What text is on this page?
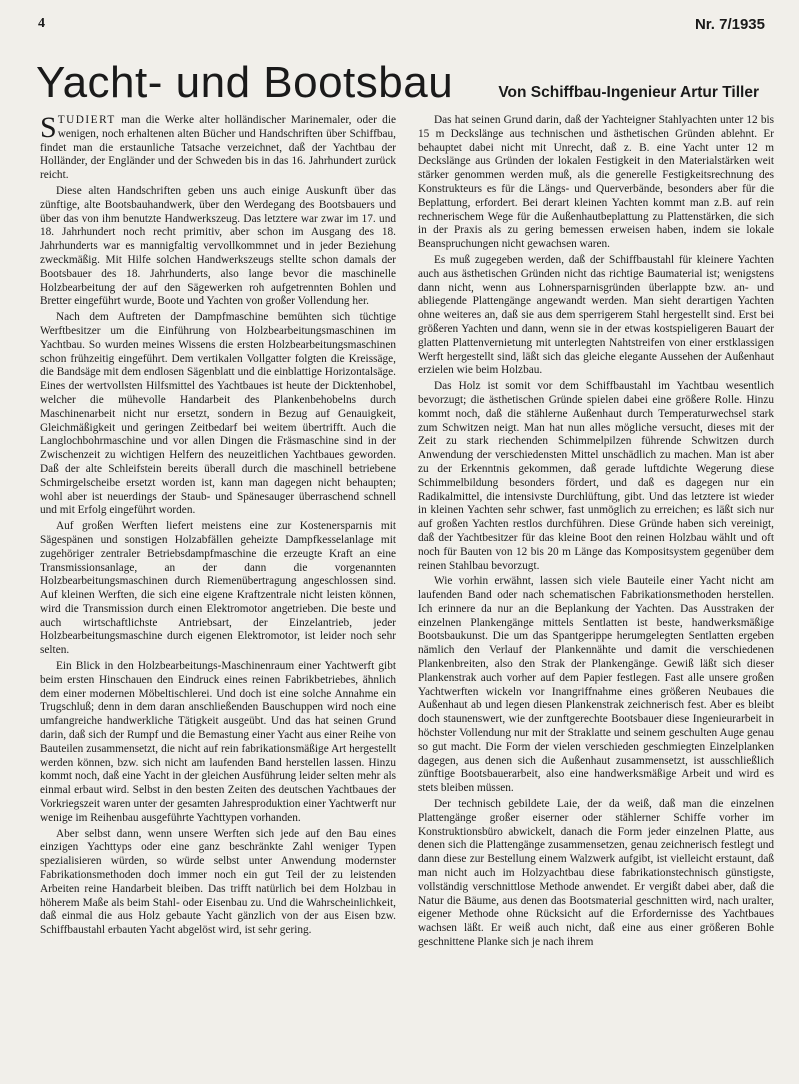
4	Nr. 7/1935
Yacht- und Bootsbau	Von Schiffbau-Ingenieur Artur Tiller

STUDIERT man die Werke alter holländischer Marinemaler, oder die wenigen, noch erhaltenen alten Bücher und Handschriften über Schiffbau, findet man die erstaunliche Tatsache verzeichnet, daß der Yachtbau der Holländer, der Engländer und der Schweden bis in das 16. Jahrhundert zurück reicht.

Diese alten Handschriften geben uns auch einige Auskunft über das zünftige, alte Bootsbauhandwerk, über den Werdegang des Bootsbauers und über das von ihm benutzte Handwerkszeug. Das letztere war zwar im 17. und 18. Jahrhundert noch recht primitiv, aber schon im Ausgang des 18. Jahrhunderts war es mannigfaltig vervollkommnet und in jeder Beziehung zweckmäßig. Mit Hilfe solchen Handwerkszeugs stellte schon damals der Bootsbauer des 18. Jahrhunderts, also lange bevor die maschinelle Holzbearbeitung der auf den Sägewerken roh aufgetrennten Bohlen und Bretter eingeführt wurde, Boote und Yachten von großer Vollendung her.

Nach dem Auftreten der Dampfmaschine bemühten sich tüchtige Werftbesitzer um die Einführung von Holzbearbeitungsmaschinen im Yachtbau. So wurden meines Wissens die ersten Holzbearbeitungsmaschinen schon frühzeitig eingeführt. Dem vertikalen Vollgatter folgten die Kreissäge, die Bandsäge mit dem endlosen Sägenblatt und die einblattige Horizontalsäge. Eines der wertvollsten Hilfsmittel des Yachtbaues ist heute der Dicktenhobel, welcher die mühevolle Handarbeit des Plankenbehobelns durch Maschinenarbeit nicht nur ersetzt, sondern in Bezug auf Genauigkeit, Gleichmäßigkeit und geringen Zeitbedarf bei weitem übertrifft. Auch die Langlochbohrmaschine und vor allen Dingen die Fräsmaschine sind in der Zwischenzeit zu wichtigen Helfern des neuzeitlichen Yachtbaues geworden. Daß der alte Schleifstein bereits überall durch die maschinell betriebene Schmirgelscheibe ersetzt worden ist, kann man dagegen nicht behaupten; wohl aber ist neuerdings der Staub- und Spänesauger überraschend schnell und mit Erfolg eingeführt worden.

Auf großen Werften liefert meistens eine zur Kostenersparnis mit Sägespänen und sonstigen Holzabfällen geheizte Dampfkesselanlage mit zugehöriger zentraler Betriebsdampfmaschine die erzeugte Kraft an eine Transmissionsanlage, an der dann die vorgenannten Holzbearbeitungsmaschinen durch Riemenübertragung angeschlossen sind. Auf kleinen Werften, die sich eine eigene Kraftzentrale nicht leisten können, wird die Transmission durch einen Elektromotor angetrieben. Die beste und auch wirtschaftlichste Antriebsart, der Einzelantrieb, jeder Holzbearbeitungsmaschine durch eigenen Elektromotor, ist leider noch sehr selten.

Ein Blick in den Holzbearbeitungs-Maschinenraum einer Yachtwerft gibt beim ersten Hinschauen den Eindruck eines reinen Fabrikbetriebes, ähnlich dem einer modernen Möbeltischlerei. Und doch ist eine solche Annahme ein Trugschluß; denn in dem daran anschließenden Bauschuppen wird noch eine umfangreiche handwerkliche Tätigkeit ausgeübt. Und das hat seinen Grund darin, daß sich der Rumpf und die Bemastung einer Yacht aus einer Reihe von Bauteilen zusammensetzt, die nicht auf rein fabrikationsmäßige Art hergestellt werden können, bzw. sich nicht am laufenden Band herstellen lassen. Hinzu kommt noch, daß eine Yacht in der gleichen Ausführung leider selten mehr als einmal erbaut wird. Selbst in den besten Zeiten des deutschen Yachtbaues der Vorkriegszeit waren unter der gesamten Jahresproduktion einer Yachtwerft nur wenige im Reihenbau ausgeführte Yachttypen vorhanden.

Aber selbst dann, wenn unsere Werften sich jede auf den Bau eines einzigen Yachttyps oder eine ganz beschränkte Zahl weniger Typen spezialisieren würden, so würde selbst unter Anwendung modernster Fabrikationsmethoden doch immer noch ein gut Teil der zu leistenden Arbeiten reine Handarbeit bleiben. Das trifft natürlich bei dem Holzbau in höherem Maße als beim Stahl- oder Eisenbau zu. Und die Wahrscheinlichkeit, daß einmal die aus Holz gebaute Yacht gänzlich von der aus Eisen bzw. Schiffbaustahl erbauten Yacht abgelöst wird, ist sehr gering.

Das hat seinen Grund darin, daß der Yachteigner Stahlyachten unter 12 bis 15 m Deckslänge aus technischen und ästhetischen Gründen ablehnt. Er behauptet dabei nicht mit Unrecht, daß z. B. eine Yacht unter 12 m Deckslänge aus Gründen der lokalen Festigkeit in den Materialstärken weit stärker genommen werden muß, als die generelle Festigkeitsrechnung des Konstrukteurs es für die Längs- und Querverbände, besonders aber für die Beplattung, erfordert. Bei derart kleinen Yachten kommt man z.B. auf rein rechnerischem Wege für die Außenhautbeplattung zu Plattenstärken, die sich in der Praxis als zu gering bemessen erweisen haben, indem sie lokale Beanspruchungen nicht gewachsen waren.

Es muß zugegeben werden, daß der Schiffbaustahl für kleinere Yachten auch aus ästhetischen Gründen nicht das richtige Baumaterial ist; wenigstens dann nicht, wenn aus Lohnersparnisgründen überlappte bzw. an- und abliegende Plattengänge angewandt werden. Man sieht derartigen Yachten ohne weiteres an, daß sie aus dem sperrigerem Stahl hergestellt sind. Erst bei größeren Yachten und dann, wenn sie in der etwas kostspieligeren Bauart der glatten Plattenvernietung mit unterlegten Nahtstreifen von einer erstklassigen Werft hergestellt sind, läßt sich das gleiche elegante Aussehen der Außenhaut erzielen wie beim Holzbau.

Das Holz ist somit vor dem Schiffbaustahl im Yachtbau wesentlich bevorzugt; die ästhetischen Gründe spielen dabei eine größere Rolle. Hinzu kommt noch, daß die stählerne Außenhaut durch Temperaturwechsel stark zum Schwitzen neigt. Man hat nun alles mögliche versucht, dieses mit der Zeit zu stark riechenden Schimmelpilzen führende Schwitzen durch Anwendung der verschiedensten Mittel unschädlich zu machen. Man ist aber zu der Erkenntnis gekommen, daß gerade luftdichte Wegerung diese Schimmelbildung besonders fördert, und daß es dagegen nur ein Radikalmittel, die intensivste Durchlüftung, gibt. Und das letztere ist wieder in kleinen Yachten sehr schwer, fast unmöglich zu erreichen; es läßt sich nur auf großen Yachten restlos durchführen. Diese Gründe haben sich vereinigt, daß der Yachtbesitzer für das kleine Boot den reinen Holzbau wählt und oft noch für Bauten von 12 bis 20 m Länge das Kompositsystem gegenüber dem reinen Stahlbau bevorzugt.

Wie vorhin erwähnt, lassen sich viele Bauteile einer Yacht nicht am laufenden Band oder nach schematischen Fabrikationsmethoden herstellen. Ich erinnere da nur an die Beplankung der Yachten. Das Ausstraken der einzelnen Plankengänge mittels Sentlatten ist beste, handwerksmäßige Bootsbaukunst. Die um das Spantgerippe herumgelegten Sentlatten ergeben nämlich den Verlauf der Plankennähte und damit die verschiedenen Plankenbreiten, also den Strak der Plankengänge. Gewiß läßt sich dieser Plankenstrak auch vorher auf dem Papier festlegen. Fast alle unsere großen Yachtwerften wickeln vor Inangriffnahme eines größeren Neubaues die Außenhaut ab und legen diesen Plankenstrak zeichnerisch fest. Aber es bleibt doch staunenswert, wie der zunftgerechte Bootsbauer diese Ingenieurarbeit in höchster Vollendung nur mit der Straklatte und seinem geschulten Auge genau so gut macht. Die Form der vielen verschieden geschmiegten Einzelplanken dagegen, aus denen sich die Außenhaut zusammensetzt, ist ausschließlich zünftige Bootsbauerarbeit, also eine handwerksmäßige Arbeit und wird es stets bleiben müssen.

Der technisch gebildete Laie, der da weiß, daß man die einzelnen Plattengänge großer eiserner oder stählerner Schiffe vorher im Konstruktionsbüro abwickelt, danach die Form jeder einzelnen Platte, aus denen sich die Plattengänge zusammensetzen, genau zeichnerisch festlegt und dann diese zur Bestellung einem Walzwerk aufgibt, ist vielleicht erstaunt, daß man nicht auch im Holzyachtbau diese fabrikationstechnisch günstigste, vollständig verschnittlose Methode anwendet. Er vergißt dabei aber, daß die Natur die Bäume, aus denen das Bootsmaterial geschnitten wird, nach uralter, eigener Methode ohne Rücksicht auf die Erfordernisse des Yachtbaues wachsen läßt. Er weiß auch nicht, daß eine aus einer größeren Bohle geschnittene Planke sich je nach ihrem
